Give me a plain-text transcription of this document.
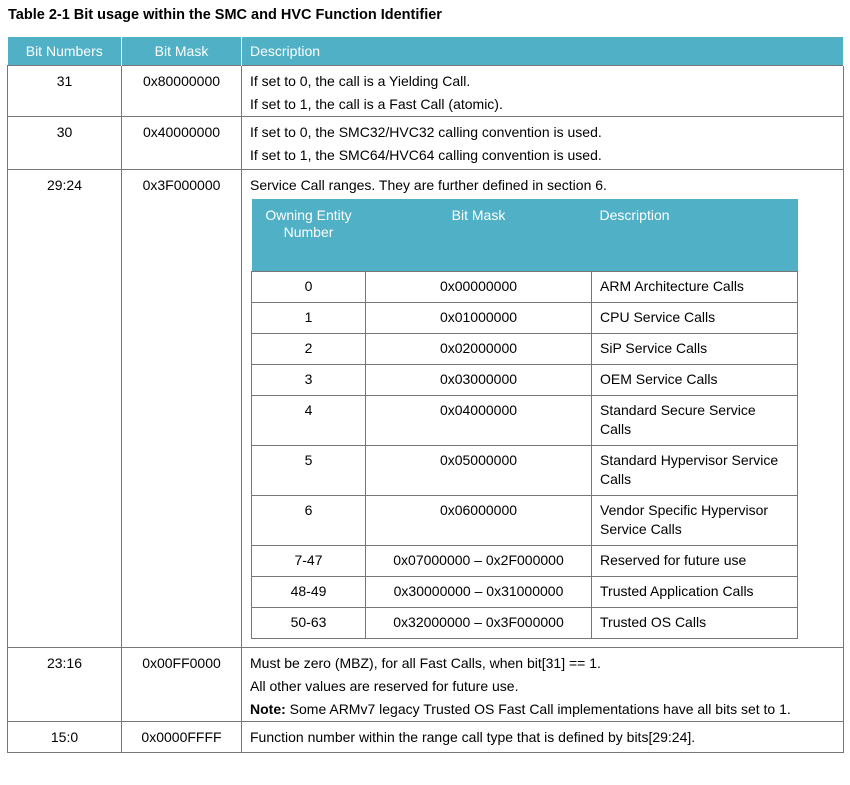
Table 2-1 Bit usage within the SMC and HVC Function Identifier
Bit Numbers	Bit Mask	Description
31	0x80000000	If set to 0, the call is a Yielding Call.
If set to 1, the call is a Fast Call (atomic).

30	0x40000000	If set to 0, the SMC32/HVC32 calling convention is used.
If set to 1, the SMC64/HVC64 calling convention is used.

29:24	0x3F000000	Service Call ranges. They are further defined in section 6.
Owning Entity Number	Bit Mask	Description
0	0x00000000	ARM Architecture Calls
1	0x01000000	CPU Service Calls
2	0x02000000	SiP Service Calls
3	0x03000000	OEM Service Calls
4	0x04000000	Standard Secure Service Calls
5	0x05000000	Standard Hypervisor Service Calls
6	0x06000000	Vendor Specific Hypervisor Service Calls
7-47	0x07000000 – 0x2F000000	Reserved for future use
48-49	0x30000000 – 0x31000000	Trusted Application Calls
50-63	0x32000000 – 0x3F000000	Trusted OS Calls

23:16	0x00FF0000	Must be zero (MBZ), for all Fast Calls, when bit[31] == 1.
All other values are reserved for future use.
Note: Some ARMv7 legacy Trusted OS Fast Call implementations have all bits set to 1.

15:0	0x0000FFFF	Function number within the range call type that is defined by bits[29:24].
